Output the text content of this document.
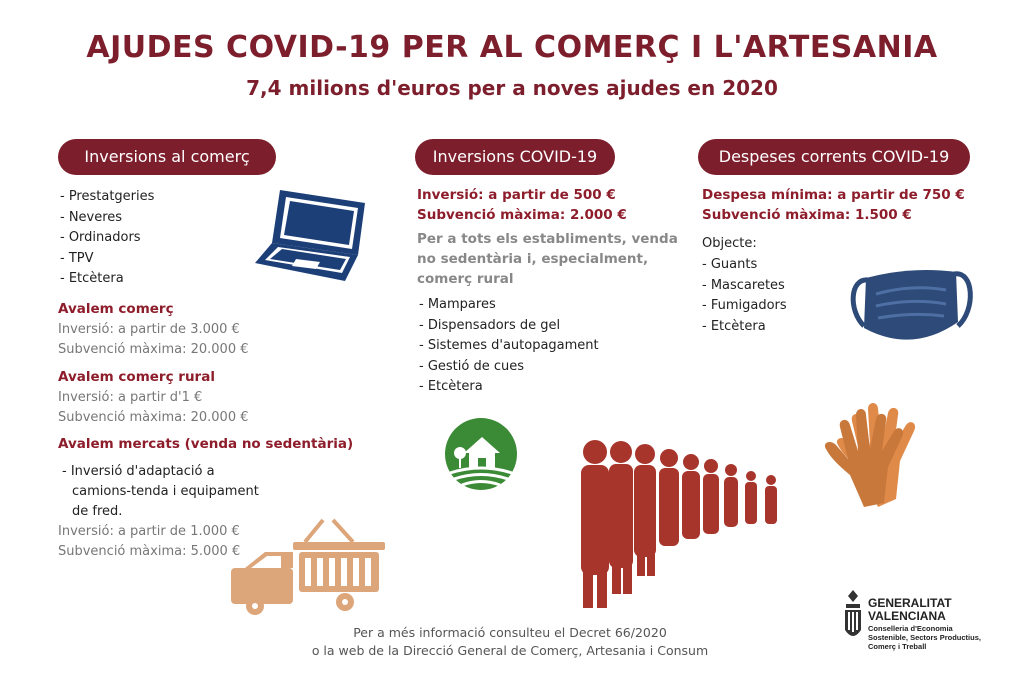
AJUDES COVID-19 PER AL COMERÇ I L'ARTESANIA
7,4 milions d'euros per a noves ajudes en 2020
Inversions al comerç
- Prestatgeries
- Neveres
- Ordinadors
- TPV
- Etcètera
Avalem comerç
Inversió: a partir de 3.000 €
Subvenció màxima: 20.000 €
Avalem comerç rural
Inversió: a partir d'1 €
Subvenció màxima: 20.000 €
Avalem mercats (venda no sedentària)
- Inversió d'adaptació a
camions-tenda i equipament
de fred.
Inversió: a partir de 1.000 €
Subvenció màxima: 5.000 €
Inversions COVID-19
Inversió: a partir de 500 €
Subvenció màxima: 2.000 €
Per a tots els establiments, venda
no sedentària i, especialment,
comerç rural
- Mampares
- Dispensadors de gel
- Sistemes d'autopagament
- Gestió de cues
- Etcètera
Despeses corrents COVID-19
Despesa mínima: a partir de 750 €
Subvenció màxima: 1.500 €
Objecte:
- Guants
- Mascaretes
- Fumigadors
- Etcètera
Per a més informació consulteu el Decret 66/2020
o la web de la Direcció General de Comerç, Artesania i Consum
GENERALITAT
VALENCIANA
Conselleria d'Economia
Sostenible, Sectors Productius,
Comerç i Treball
